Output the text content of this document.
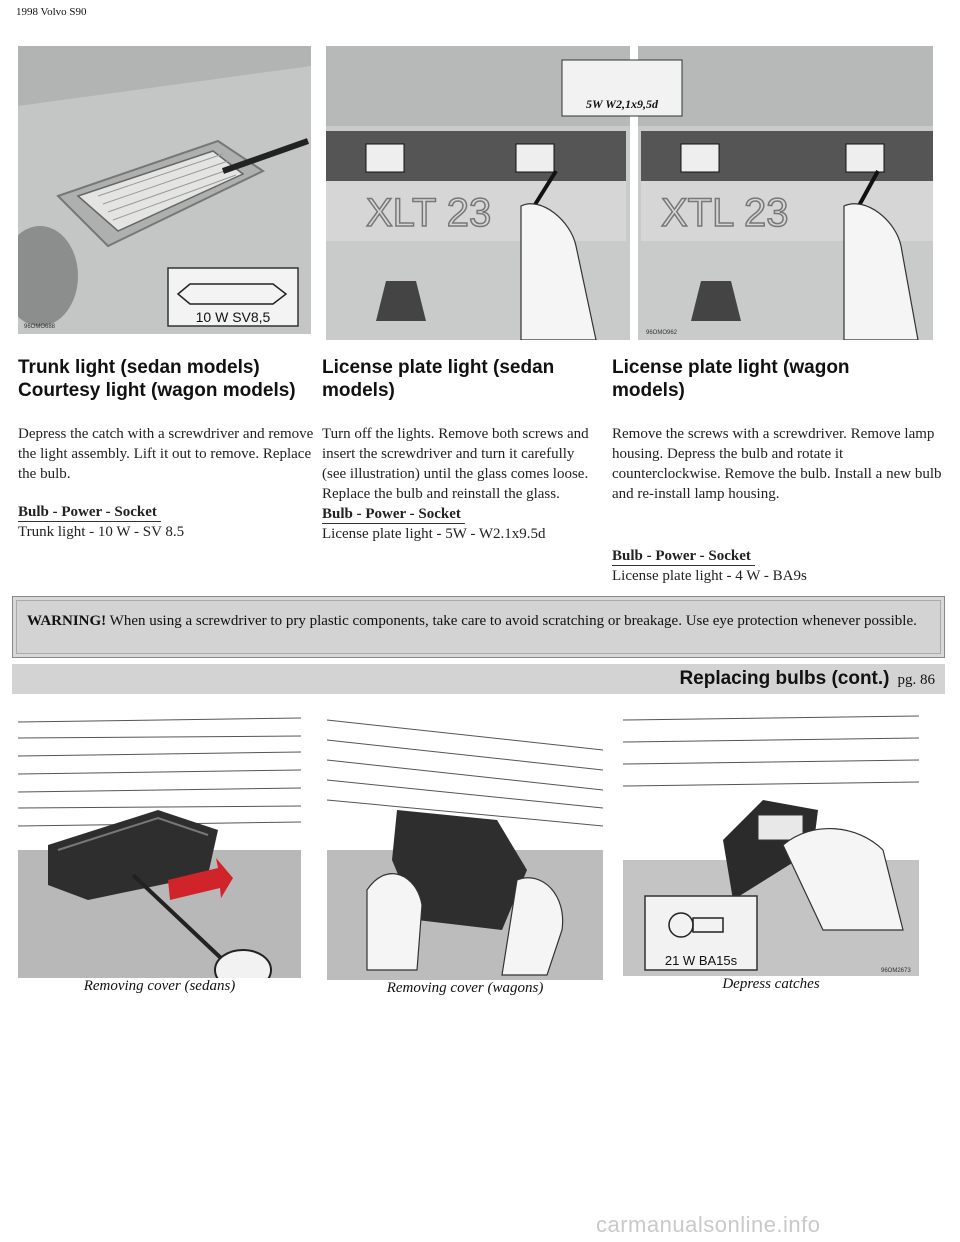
1998 Volvo S90
10 W SV8,5
96OMO688
XLT 23	XTL 23
5W W2,1x9,5d
96OMO962
Trunk light (sedan models) Courtesy light (wagon models)
Depress the catch with a screwdriver and remove the light assembly. Lift it out to remove. Replace the bulb.
Bulb - Power - Socket
Trunk light - 10 W - SV 8.5
License plate light (sedan models)
Turn off the lights. Remove both screws and insert the screwdriver and turn it carefully (see illustration) until the glass comes loose. Replace the bulb and reinstall the glass.
Bulb - Power - Socket
License plate light - 5W - W2.1x9.5d
License plate light (wagon models)
Remove the screws with a screwdriver. Remove lamp housing. Depress the bulb and rotate it counterclockwise. Remove the bulb. Install a new bulb and re-install lamp housing.
Bulb - Power - Socket
License plate light - 4 W - BA9s
WARNING! When using a screwdriver to pry plastic components, take care to avoid scratching or breakage. Use eye protection whenever possible.
Replacing bulbs (cont.) pg. 86
Removing cover (sedans)	Removing cover (wagons)
21 W BA15s
96OM2673
Depress catches
carmanualsonline.info
